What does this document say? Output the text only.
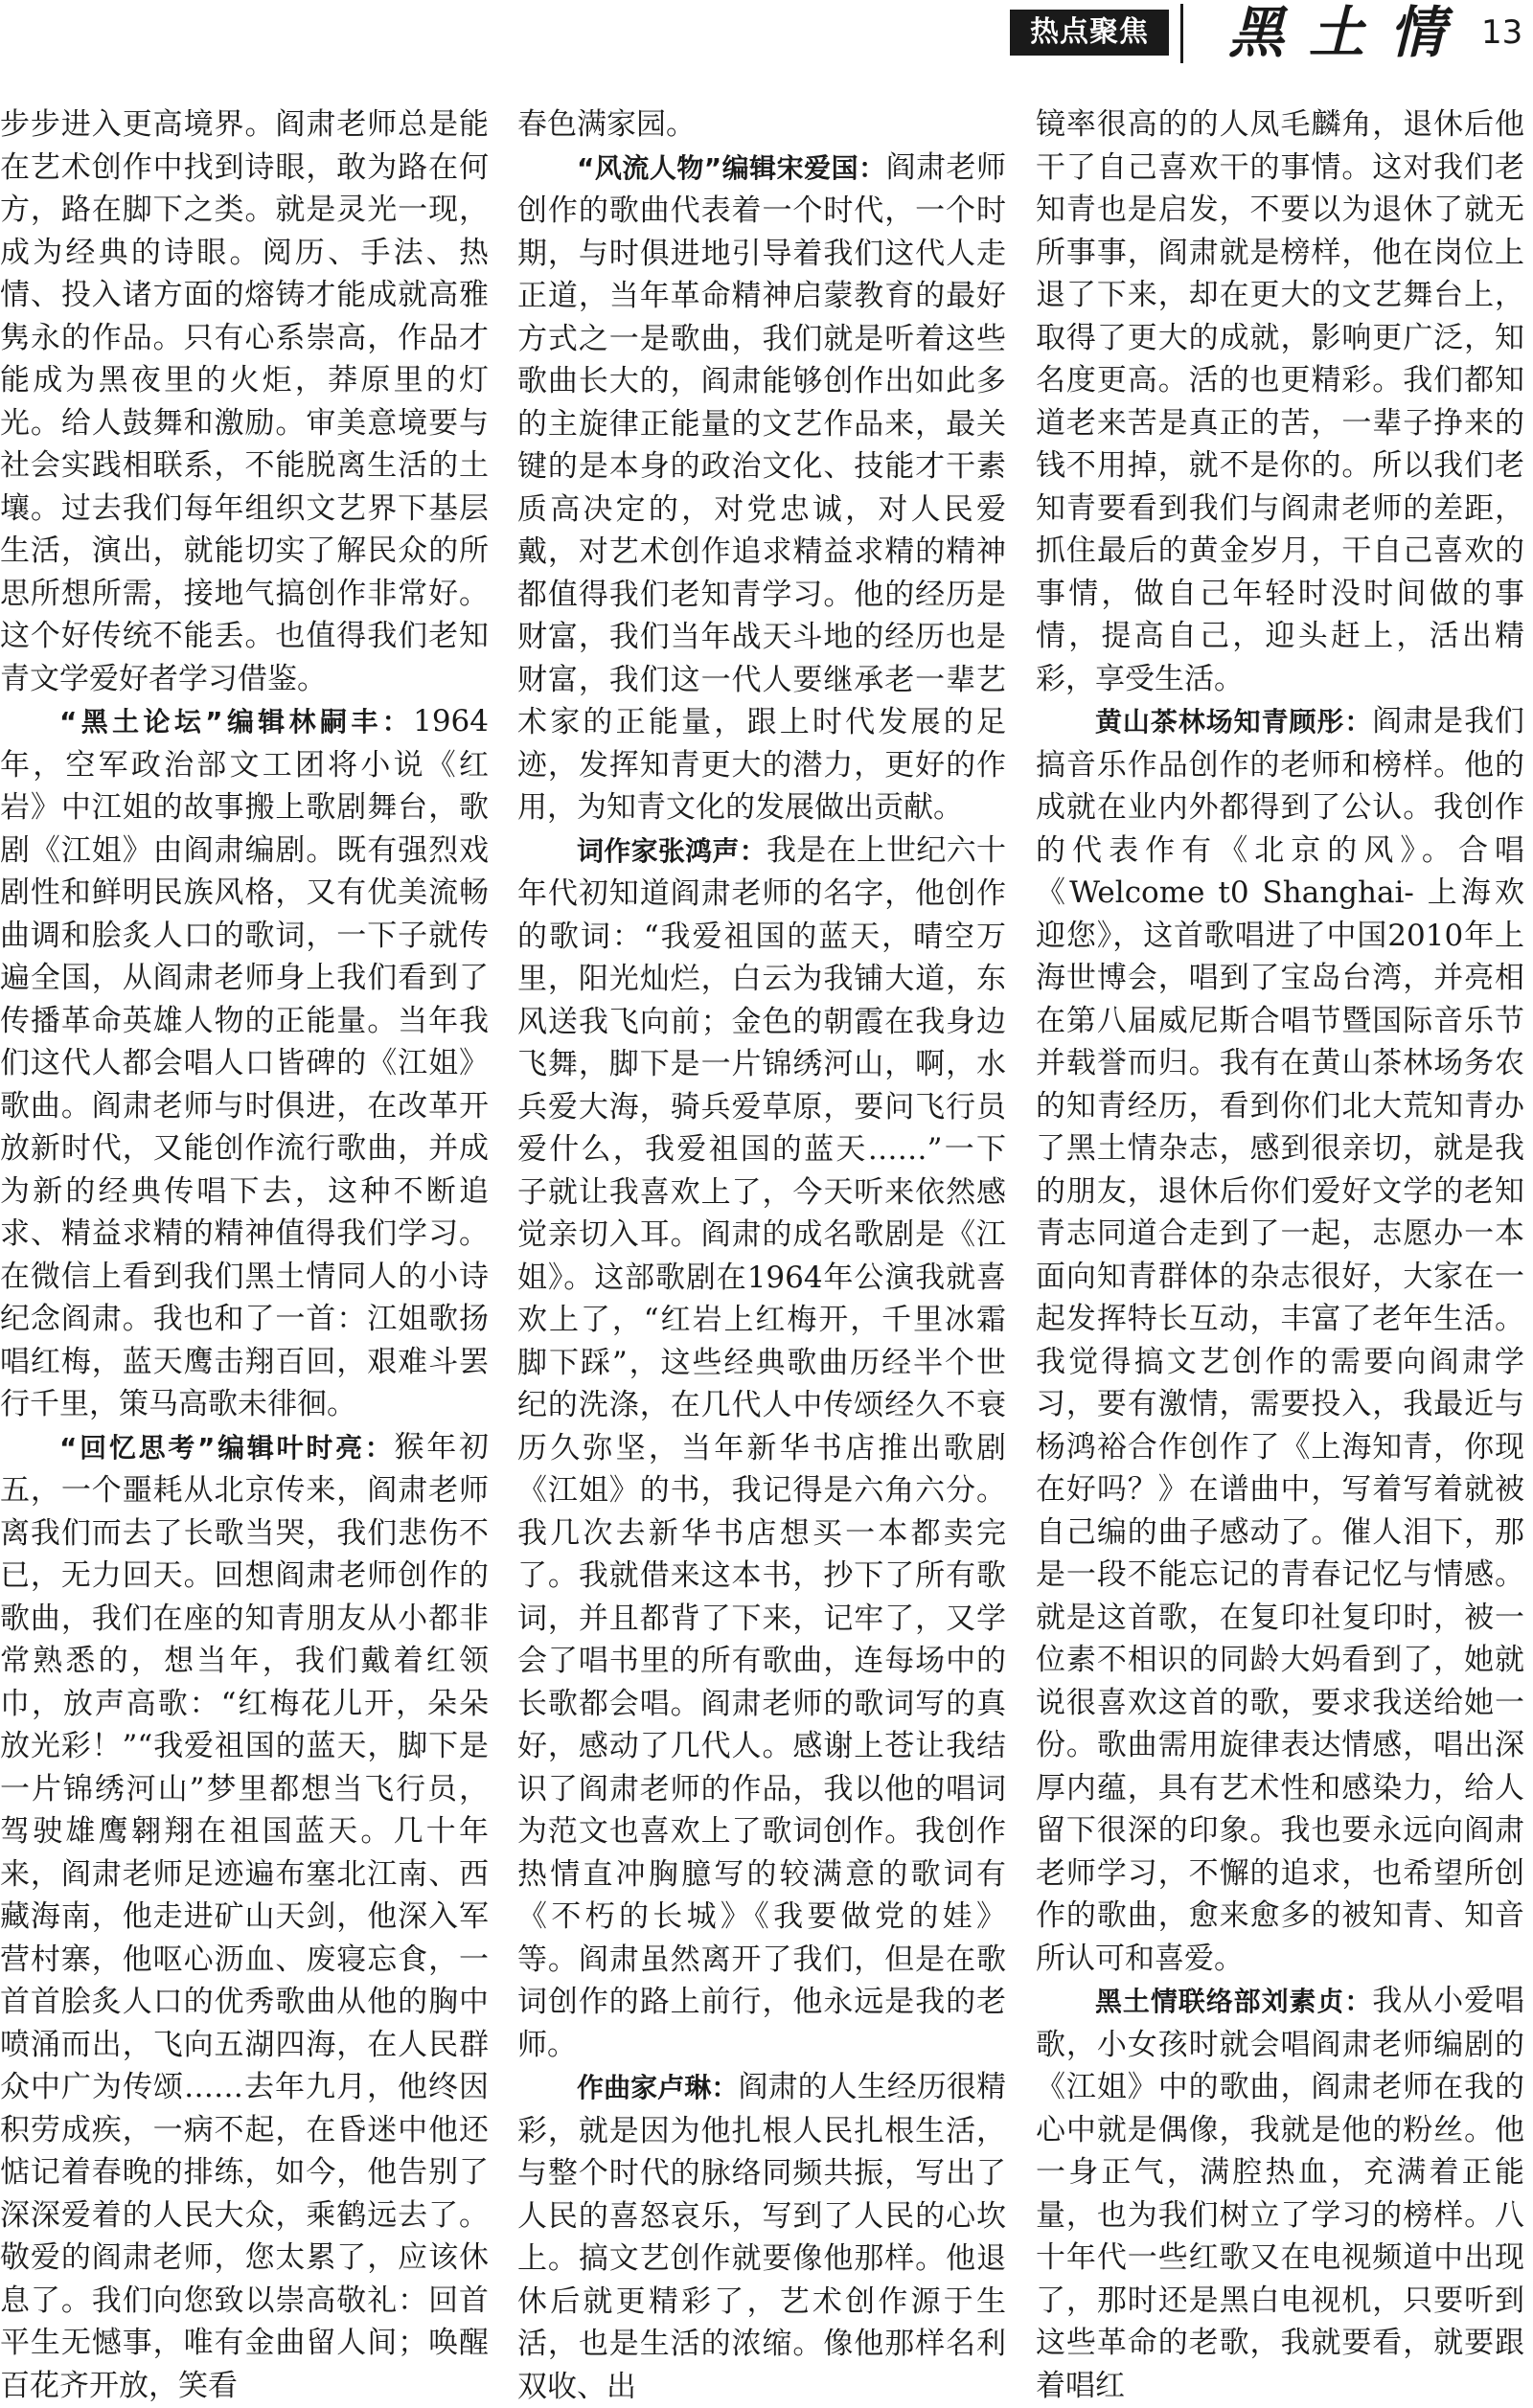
热点聚焦	黑土情 13

步步进入更高境界。阎肃老师总是能在艺术创作中找到诗眼，敢为路在何方，路在脚下之类。就是灵光一现，成为经典的诗眼。阅历、手法、热情、投入诸方面的熔铸才能成就高雅隽永的作品。只有心系崇高，作品才能成为黑夜里的火炬，莽原里的灯光。给人鼓舞和激励。审美意境要与社会实践相联系，不能脱离生活的土壤。过去我们每年组织文艺界下基层生活，演出，就能切实了解民众的所思所想所需，接地气搞创作非常好。这个好传统不能丢。也值得我们老知青文学爱好者学习借鉴。

“黑土论坛”编辑林嗣丰：1964年，空军政治部文工团将小说《红岩》中江姐的故事搬上歌剧舞台，歌剧《江姐》由阎肃编剧。既有强烈戏剧性和鲜明民族风格，又有优美流畅曲调和脍炙人口的歌词，一下子就传遍全国，从阎肃老师身上我们看到了传播革命英雄人物的正能量。当年我们这代人都会唱人口皆碑的《江姐》歌曲。阎肃老师与时俱进，在改革开放新时代，又能创作流行歌曲，并成为新的经典传唱下去，这种不断追求、精益求精的精神值得我们学习。在微信上看到我们黑土情同人的小诗纪念阎肃。我也和了一首：江姐歌扬唱红梅，蓝天鹰击翔百回，艰难斗罢行千里，策马高歌未徘徊。

“回忆思考”编辑叶时亮：猴年初五，一个噩耗从北京传来，阎肃老师离我们而去了长歌当哭，我们悲伤不已，无力回天。回想阎肃老师创作的歌曲，我们在座的知青朋友从小都非常熟悉的，想当年，我们戴着红领巾，放声高歌：“红梅花儿开，朵朵放光彩！”“我爱祖国的蓝天，脚下是一片锦绣河山”梦里都想当飞行员，驾驶雄鹰翱翔在祖国蓝天。几十年来，阎肃老师足迹遍布塞北江南、西藏海南，他走进矿山天剑，他深入军营村寨，他呕心沥血、废寝忘食，一首首脍炙人口的优秀歌曲从他的胸中喷涌而出，飞向五湖四海，在人民群众中广为传颂……去年九月，他终因积劳成疾，一病不起，在昏迷中他还惦记着春晚的排练，如今，他告别了深深爱着的人民大众，乘鹤远去了。敬爱的阎肃老师，您太累了，应该休息了。我们向您致以崇高敬礼：回首平生无憾事，唯有金曲留人间；唤醒百花齐开放，笑看

春色满家园。

“风流人物”编辑宋爱国：阎肃老师创作的歌曲代表着一个时代，一个时期，与时俱进地引导着我们这代人走正道，当年革命精神启蒙教育的最好方式之一是歌曲，我们就是听着这些歌曲长大的，阎肃能够创作出如此多的主旋律正能量的文艺作品来，最关键的是本身的政治文化、技能才干素质高决定的，对党忠诚，对人民爱戴，对艺术创作追求精益求精的精神都值得我们老知青学习。他的经历是财富，我们当年战天斗地的经历也是财富，我们这一代人要继承老一辈艺术家的正能量，跟上时代发展的足迹，发挥知青更大的潜力，更好的作用，为知青文化的发展做出贡献。

词作家张鸿声：我是在上世纪六十年代初知道阎肃老师的名字，他创作的歌词：“我爱祖国的蓝天，晴空万里，阳光灿烂，白云为我铺大道，东风送我飞向前；金色的朝霞在我身边飞舞，脚下是一片锦绣河山，啊，水兵爱大海，骑兵爱草原，要问飞行员爱什么，我爱祖国的蓝天……”一下子就让我喜欢上了，今天听来依然感觉亲切入耳。阎肃的成名歌剧是《江姐》。这部歌剧在1964年公演我就喜欢上了，“红岩上红梅开，千里冰霜脚下踩”，这些经典歌曲历经半个世纪的洗涤，在几代人中传颂经久不衰历久弥坚，当年新华书店推出歌剧《江姐》的书，我记得是六角六分。我几次去新华书店想买一本都卖完了。我就借来这本书，抄下了所有歌词，并且都背了下来，记牢了，又学会了唱书里的所有歌曲，连每场中的长歌都会唱。阎肃老师的歌词写的真好，感动了几代人。感谢上苍让我结识了阎肃老师的作品，我以他的唱词为范文也喜欢上了歌词创作。我创作热情直冲胸臆写的较满意的歌词有《不朽的长城》《我要做党的娃》等。阎肃虽然离开了我们，但是在歌词创作的路上前行，他永远是我的老师。

作曲家卢琳：阎肃的人生经历很精彩，就是因为他扎根人民扎根生活，与整个时代的脉络同频共振，写出了人民的喜怒哀乐，写到了人民的心坎上。搞文艺创作就要像他那样。他退休后就更精彩了，艺术创作源于生活，也是生活的浓缩。像他那样名利双收、出

镜率很高的的人凤毛麟角，退休后他干了自己喜欢干的事情。这对我们老知青也是启发，不要以为退休了就无所事事，阎肃就是榜样，他在岗位上退了下来，却在更大的文艺舞台上，取得了更大的成就，影响更广泛，知名度更高。活的也更精彩。我们都知道老来苦是真正的苦，一辈子挣来的钱不用掉，就不是你的。所以我们老知青要看到我们与阎肃老师的差距，抓住最后的黄金岁月，干自己喜欢的事情，做自己年轻时没时间做的事情，提高自己，迎头赶上，活出精彩，享受生活。

黄山茶林场知青顾彤：阎肃是我们搞音乐作品创作的老师和榜样。他的成就在业内外都得到了公认。我创作的代表作有《北京的风》。合唱《Welcome t0 Shanghai- 上海欢迎您》，这首歌唱进了中国2010年上海世博会，唱到了宝岛台湾，并亮相在第八届威尼斯合唱节暨国际音乐节并载誉而归。我有在黄山茶林场务农的知青经历，看到你们北大荒知青办了黑土情杂志，感到很亲切，就是我的朋友，退休后你们爱好文学的老知青志同道合走到了一起，志愿办一本面向知青群体的杂志很好，大家在一起发挥特长互动，丰富了老年生活。我觉得搞文艺创作的需要向阎肃学习，要有激情，需要投入，我最近与杨鸿裕合作创作了《上海知青，你现在好吗？》在谱曲中，写着写着就被自己编的曲子感动了。催人泪下，那是一段不能忘记的青春记忆与情感。就是这首歌，在复印社复印时，被一位素不相识的同龄大妈看到了，她就说很喜欢这首的歌，要求我送给她一份。歌曲需用旋律表达情感，唱出深厚内蕴，具有艺术性和感染力，给人留下很深的印象。我也要永远向阎肃老师学习，不懈的追求，也希望所创作的歌曲，愈来愈多的被知青、知音所认可和喜爱。

黑土情联络部刘素贞：我从小爱唱歌，小女孩时就会唱阎肃老师编剧的《江姐》中的歌曲，阎肃老师在我的心中就是偶像，我就是他的粉丝。他一身正气，满腔热血，充满着正能量，也为我们树立了学习的榜样。八十年代一些红歌又在电视频道中出现了，那时还是黑白电视机，只要听到这些革命的老歌，我就要看，就要跟着唱红
